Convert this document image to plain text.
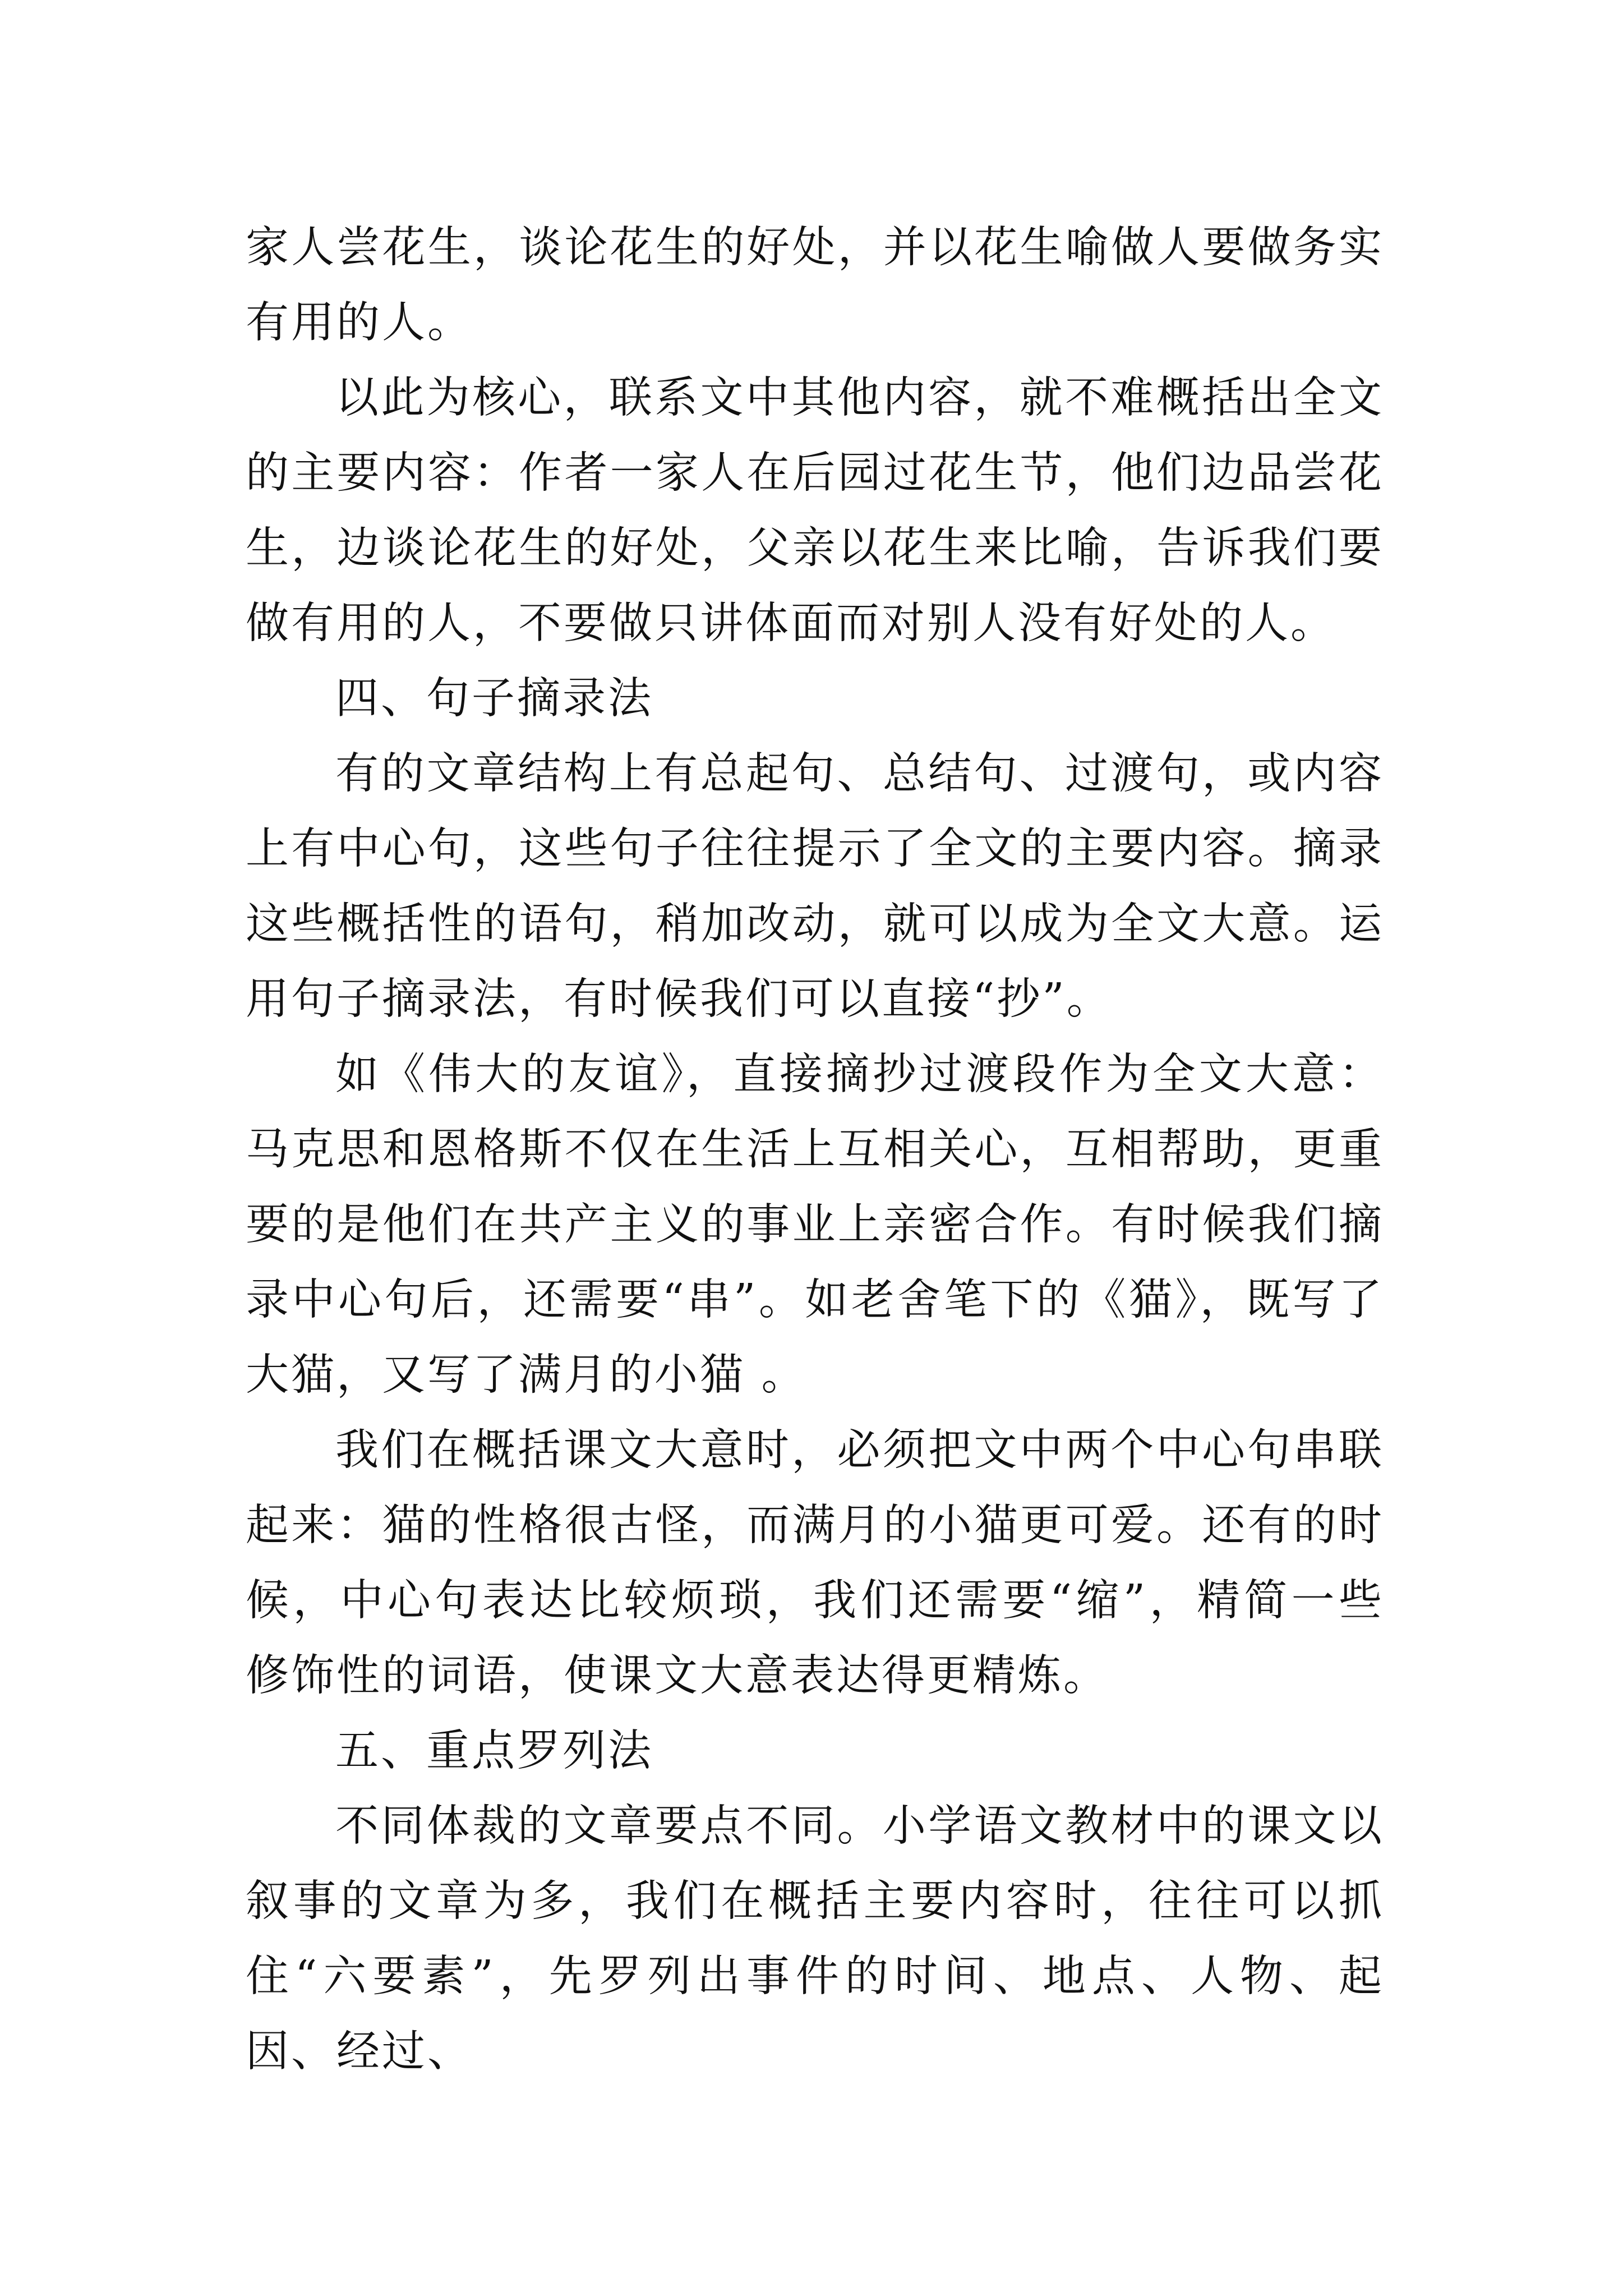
家人尝花生，谈论花生的好处，并以花生喻做人要做务实有用的人。

以此为核心，联系文中其他内容，就不难概括出全文的主要内容：作者一家人在后园过花生节，他们边品尝花生，边谈论花生的好处，父亲以花生来比喻，告诉我们要做有用的人，不要做只讲体面而对别人没有好处的人。

四、句子摘录法

有的文章结构上有总起句、总结句、过渡句，或内容上有中心句，这些句子往往提示了全文的主要内容。摘录这些概括性的语句，稍加改动，就可以成为全文大意。运用句子摘录法，有时候我们可以直接“抄”。

如《伟大的友谊》，直接摘抄过渡段作为全文大意：马克思和恩格斯不仅在生活上互相关心，互相帮助，更重要的是他们在共产主义的事业上亲密合作。有时候我们摘录中心句后，还需要“串”。如老舍笔下的《猫》，既写了大猫，又写了满月的小猫 。

我们在概括课文大意时，必须把文中两个中心句串联起来：猫的性格很古怪，而满月的小猫更可爱。还有的时候，中心句表达比较烦琐，我们还需要“缩”，精简一些修饰性的词语，使课文大意表达得更精炼。

五、重点罗列法

不同体裁的文章要点不同。小学语文教材中的课文以叙事的文章为多，我们在概括主要内容时，往往可以抓住“六要素”，先罗列出事件的时间、地点、人物、起因、经过、
